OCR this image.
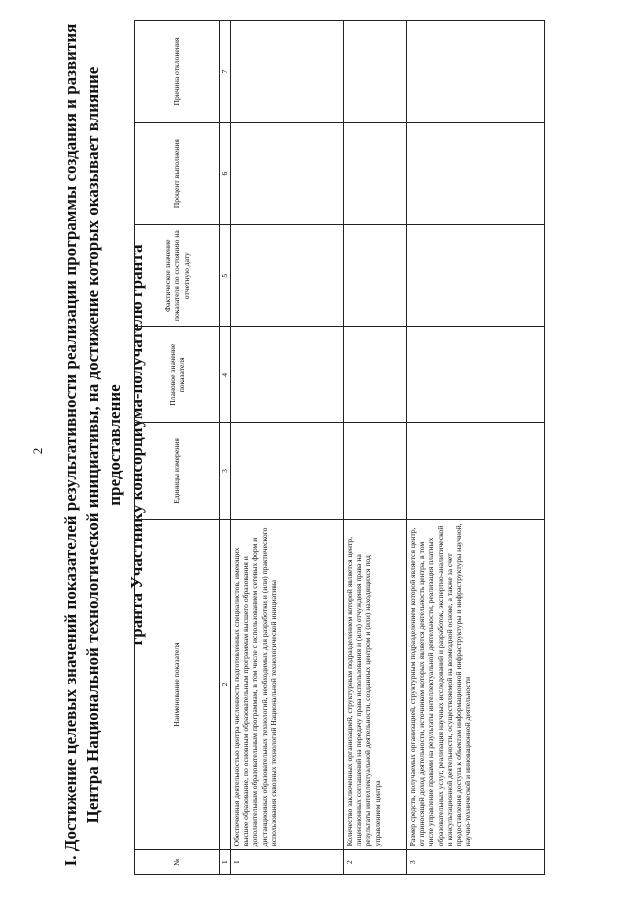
2 I. Достижение целевых значений показателей результативности реализации программы создания и развития Центра Национальной технологической инициативы, на достижение которых оказывает влияние предоставление гранта Участнику консорциума-получателю гранта
№	Наименование показателя	Единицы измерения	Плановое значение показателя	Фактическое значение показателя по состоянию на отчетную дату	Процент выполнения	Причина отклонения
1	2	3	4	5	6	7
1	Обеспеченная деятельностью центра численность подготовленных специалистов, имеющих высшее образование, по основным образовательным программам высшего образования и дополнительным образовательным программам, в том числе с использованием сетевых форм и дистанционных образовательных технологий, необходимых для разработки и (или) практического использования сквозных технологий Национальной технологической инициативы					
2	Количество заключенных организацией, структурным подразделением которой является центр, лицензионных соглашений на передачу права использования и (или) отчуждения права на результаты интеллектуальной деятельности, созданных центром и (или) находящихся под управлением центра					
3	Размер средств, получаемых организацией, структурным подразделением которой является центр, от приносящей доход деятельности, источником которых является деятельность центра, в том числе управление правами на результаты интеллектуальной деятельности, реализация платных образовательных услуг, реализация научных исследований и разработок, экспертно-аналитической и консультационной деятельности, осуществляемой на возмездной основе, а также за счет предоставления доступа к объектам информационной инфраструктуры и инфраструктуры научной, научно-технической и инновационной деятельности					
